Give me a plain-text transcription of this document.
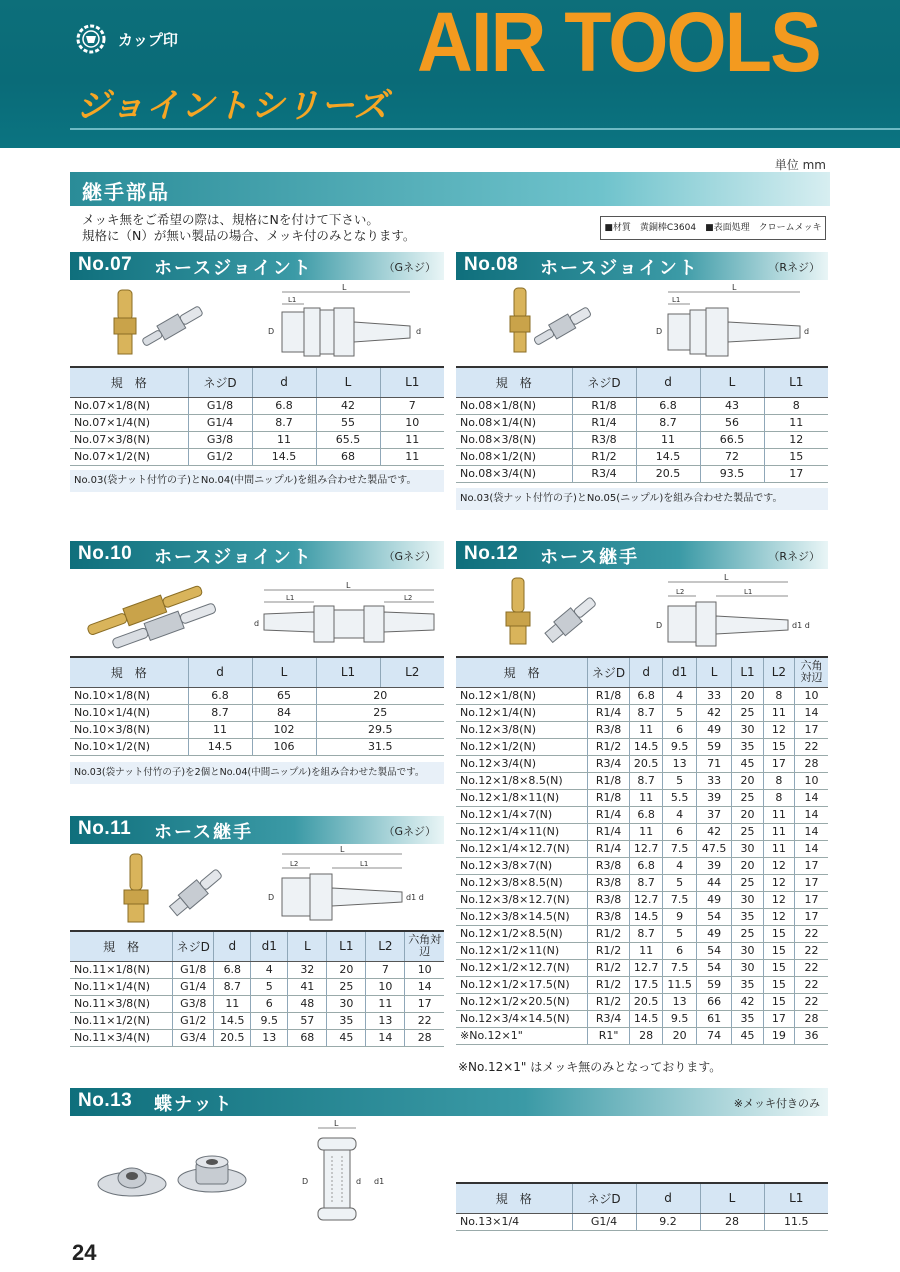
カップ印	AIR TOOLS
ジョイントシリーズ
単位 mm
継手部品
メッキ無をご希望の際は、規格にNを付けて下さい。
規格に（N）が無い製品の場合、メッキ付のみとなります。	■材質　黄銅棒C3604　■表面処理　クロームメッキ
No.07 ホースジョイント	（Gネジ）
L
L1
D	d
規　格	ネジD	d	L	L1
No.07×1/8(N)	G1/8	6.8	42	7
No.07×1/4(N)	G1/4	8.7	55	10
No.07×3/8(N)	G3/8	11	65.5	11
No.07×1/2(N)	G1/2	14.5	68	11
No.03(袋ナット付竹の子)とNo.04(中間ニップル)を組み合わせた製品です。
No.08 ホースジョイント	（Rネジ）
L
L1
D	d
規　格	ネジD	d	L	L1
No.08×1/8(N)	R1/8	6.8	43	8
No.08×1/4(N)	R1/4	8.7	56	11
No.08×3/8(N)	R3/8	11	66.5	12
No.08×1/2(N)	R1/2	14.5	72	15
No.08×3/4(N)	R3/4	20.5	93.5	17
No.03(袋ナット付竹の子)とNo.05(ニップル)を組み合わせた製品です。
No.10 ホースジョイント	（Gネジ）
L
L1	L2
d
規　格	d	L	L1	L2
No.10×1/8(N)	6.8	65	20	
No.10×1/4(N)	8.7	84	25	
No.10×3/8(N)	11	102	29.5	
No.10×1/2(N)	14.5	106	31.5	
No.03(袋ナット付竹の子)を2個とNo.04(中間ニップル)を組み合わせた製品です。
No.11 ホース継手	（Gネジ）
L
L2	L1
D	d1 d
規　格	ネジD	d	d1	L	L1	L2	六角対辺
No.11×1/8(N)	G1/8	6.8	4	32	20	7	10
No.11×1/4(N)	G1/4	8.7	5	41	25	10	14
No.11×3/8(N)	G3/8	11	6	48	30	11	17
No.11×1/2(N)	G1/2	14.5	9.5	57	35	13	22
No.11×3/4(N)	G3/4	20.5	13	68	45	14	28
No.12 ホース継手	（Rネジ）
L
L2	L1
D	d1 d
規　格	ネジD	d	d1	L	L1	L2	六角対辺
No.12×1/8(N)	R1/8	6.8	4	33	20	8	10
No.12×1/4(N)	R1/4	8.7	5	42	25	11	14
No.12×3/8(N)	R3/8	11	6	49	30	12	17
No.12×1/2(N)	R1/2	14.5	9.5	59	35	15	22
No.12×3/4(N)	R3/4	20.5	13	71	45	17	28
No.12×1/8×8.5(N)	R1/8	8.7	5	33	20	8	10
No.12×1/8×11(N)	R1/8	11	5.5	39	25	8	14
No.12×1/4×7(N)	R1/4	6.8	4	37	20	11	14
No.12×1/4×11(N)	R1/4	11	6	42	25	11	14
No.12×1/4×12.7(N)	R1/4	12.7	7.5	47.5	30	11	14
No.12×3/8×7(N)	R3/8	6.8	4	39	20	12	17
No.12×3/8×8.5(N)	R3/8	8.7	5	44	25	12	17
No.12×3/8×12.7(N)	R3/8	12.7	7.5	49	30	12	17
No.12×3/8×14.5(N)	R3/8	14.5	9	54	35	12	17
No.12×1/2×8.5(N)	R1/2	8.7	5	49	25	15	22
No.12×1/2×11(N)	R1/2	11	6	54	30	15	22
No.12×1/2×12.7(N)	R1/2	12.7	7.5	54	30	15	22
No.12×1/2×17.5(N)	R1/2	17.5	11.5	59	35	15	22
No.12×1/2×20.5(N)	R1/2	20.5	13	66	42	15	22
No.12×3/4×14.5(N)	R3/4	14.5	9.5	61	35	17	28
※No.12×1"	R1"	28	20	74	45	19	36
※No.12×1" はメッキ無のみとなっております。
No.13 蝶ナット	※メッキ付きのみ
L
D	d d1
規　格	ネジD	d	L	L1
No.13×1/4	G1/4	9.2	28	11.5
24
